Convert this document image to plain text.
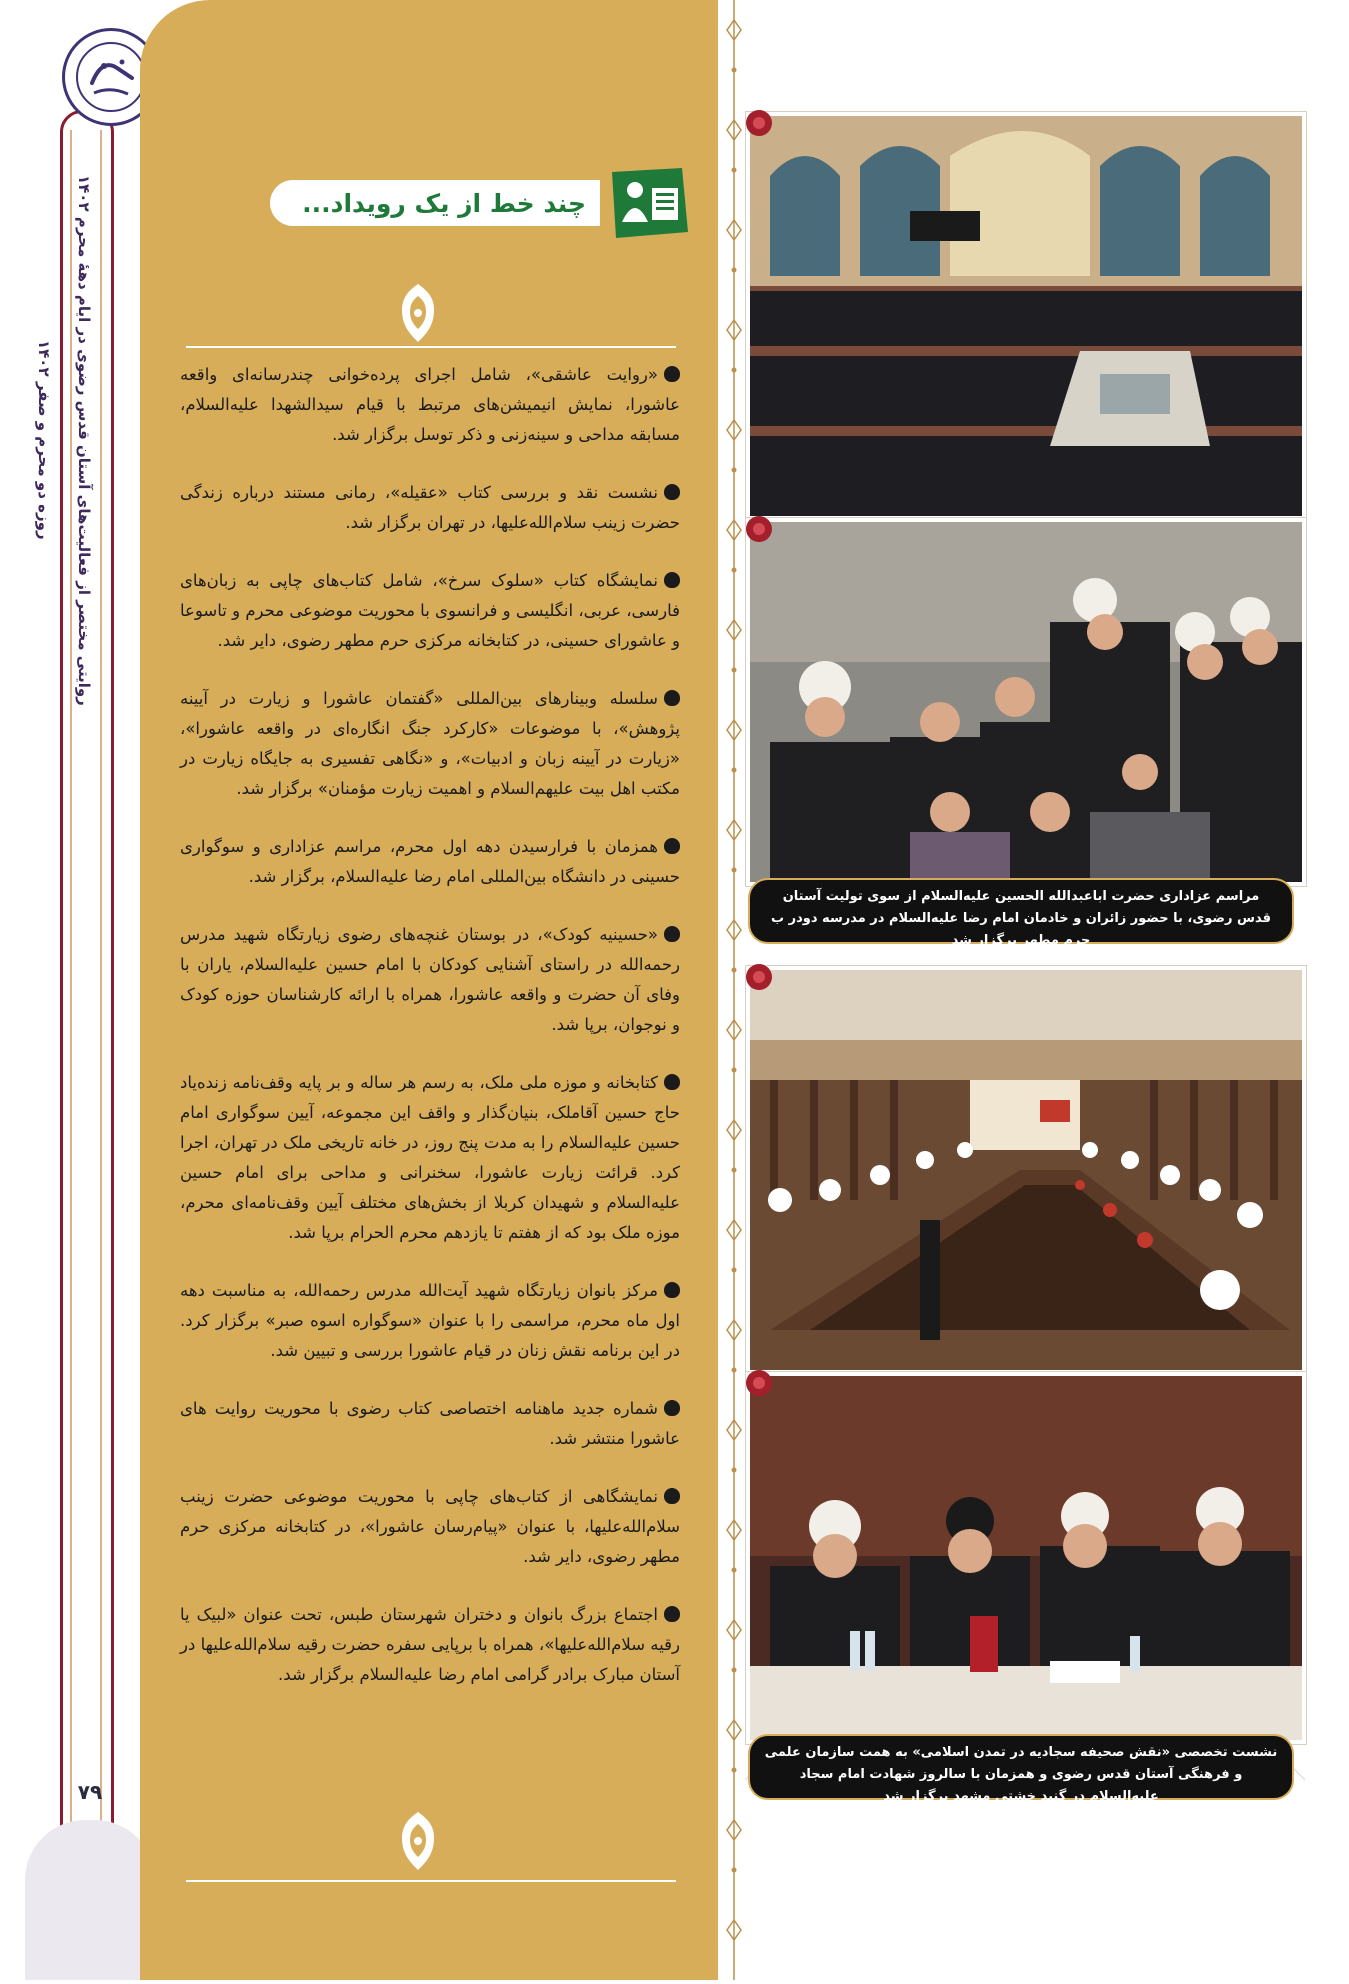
روایتی مختصر از فعالیت‌های آستان قدس رضوی در ایام دهۀ محرم ۱۴۰۲ روزه دو محرم و صفر ۱۴۰۲
۷۹
چند خط از یک رویداد...

«روایت عاشقی»، شامل اجرای پرده‌خوانی چندرسانه‌ای واقعه عاشورا، نمایش انیمیشن‌های مرتبط با قیام سیدالشهدا علیه‌السلام، مسابقه مداحی و سینه‌زنی و ذکر توسل برگزار شد.

نشست نقد و بررسی کتاب «عقیله»، رمانی مستند درباره زندگی حضرت زینب سلام‌الله‌علیها، در تهران برگزار شد.

نمایشگاه کتاب «سلوک سرخ»، شامل کتاب‌های چاپی به زبان‌های فارسی، عربی، انگلیسی و فرانسوی با محوریت موضوعی محرم و تاسوعا و عاشورای حسینی، در کتابخانه مرکزی حرم مطهر رضوی، دایر شد.

سلسله وبینارهای بین‌المللی «گفتمان عاشورا و زیارت در آیینه پژوهش»، با موضوعات «کارکرد جنگ انگاره‌ای در واقعه عاشورا»، «زیارت در آیینه زبان و ادبیات»، و «نگاهی تفسیری به جایگاه زیارت در مکتب اهل بیت علیهم‌السلام و اهمیت زیارت مؤمنان» برگزار شد.

همزمان با فرارسیدن دهه اول محرم، مراسم عزاداری و سوگواری حسینی در دانشگاه بین‌المللی امام رضا علیه‌السلام، برگزار شد.

«حسینیه کودک»، در بوستان غنچه‌های رضوی زیارتگاه شهید مدرس رحمه‌الله در راستای آشنایی کودکان با امام حسین علیه‌السلام، یاران با وفای آن حضرت و واقعه عاشورا، همراه با ارائه کارشناسان حوزه کودک و نوجوان، برپا شد.

کتابخانه و موزه ملی ملک، به رسم هر ساله و بر پایه وقف‌نامه زنده‌یاد حاج حسین آقاملک، بنیان‌گذار و واقف این مجموعه، آیین سوگواری امام حسین علیه‌السلام را به مدت پنج روز، در خانه تاریخی ملک در تهران، اجرا کرد. قرائت زیارت عاشورا، سخنرانی و مداحی برای امام حسین علیه‌السلام و شهیدان کربلا از بخش‌های مختلف آیین وقف‌نامه‌ای محرم، موزه ملک بود که از هفتم تا یازدهم محرم الحرام برپا شد.

مرکز بانوان زیارتگاه شهید آیت‌الله مدرس رحمه‌الله، به مناسبت دهه اول ماه محرم، مراسمی را با عنوان «سوگواره اسوه صبر» برگزار کرد. در این برنامه نقش زنان در قیام عاشورا بررسی و تبیین شد.

شماره جدید ماهنامه اختصاصی کتاب رضوی با محوریت روایت های عاشورا منتشر شد.

نمایشگاهی از کتاب‌های چاپی با محوریت موضوعی حضرت زینب سلام‌الله‌علیها، با عنوان «پیام‌رسان عاشورا»، در کتابخانه مرکزی حرم مطهر رضوی، دایر شد.

اجتماع بزرگ بانوان و دختران شهرستان طبس، تحت عنوان «لبیک یا رقیه سلام‌الله‌علیها»، همراه با برپایی سفره حضرت رقیه سلام‌الله‌علیها در آستان مبارک برادر گرامی امام رضا علیه‌السلام برگزار شد.

مراسم عزاداری حضرت اباعبدالله الحسین علیه‌السلام از سوی تولیت آستان قدس رضوی، با حضور زائران و خادمان امام رضا علیه‌السلام در مدرسه دودر ب حرم مطهر برگزار شد
نشست تخصصی «نقش صحیفه سجادیه در تمدن اسلامی» به همت سازمان علمی و فرهنگی آستان قدس رضوی و همزمان با سالروز شهادت امام سجاد علیه‌السلام در گنبد خشتی مشهد برگزار شد
